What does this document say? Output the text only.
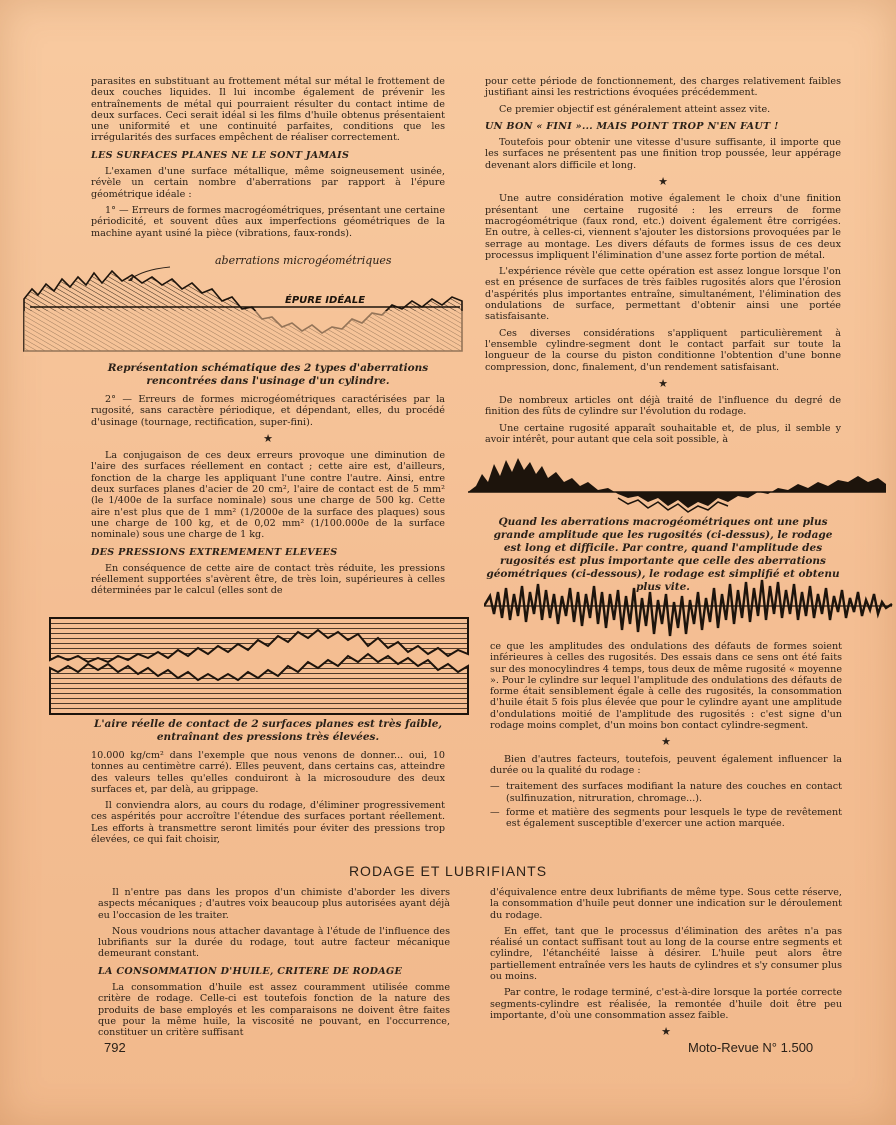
parasites en substituant au frottement métal sur métal le frottement de deux couches liquides. Il lui incombe également de prévenir les entraînements de métal qui pourraient résulter du contact intime de deux surfaces. Ceci serait idéal si les films d'huile obtenus présentaient une uniformité et une continuité parfaites, conditions que les irrégularités des surfaces empêchent de réaliser correctement.

LES SURFACES PLANES NE LE SONT JAMAIS

L'examen d'une surface métallique, même soigneusement usinée, révèle un certain nombre d'aberrations par rapport à l'épure géométrique idéale :

1° — Erreurs de formes macrogéométriques, présentant une certaine périodicité, et souvent dûes aux imperfections géométriques de la machine ayant usiné la pièce (vibrations, faux-ronds).

aberrations microgéométriques
ÉPURE IDÉALE
Représentation schématique des 2 types d'aberrations rencontrées dans l'usinage d'un cylindre.

2° — Erreurs de formes microgéométriques caractérisées par la rugosité, sans caractère périodique, et dépendant, elles, du procédé d'usinage (tournage, rectification, super-fini).

★

La conjugaison de ces deux erreurs provoque une diminution de l'aire des surfaces réellement en contact ; cette aire est, d'ailleurs, fonction de la charge les appliquant l'une contre l'autre. Ainsi, entre deux surfaces planes d'acier de 20 cm², l'aire de contact est de 5 mm² (le 1/400e de la surface nominale) sous une charge de 500 kg. Cette aire n'est plus que de 1 mm² (1/2000e de la surface des plaques) sous une charge de 100 kg, et de 0,02 mm² (1/100.000e de la surface nominale) sous une charge de 1 kg.

DES PRESSIONS EXTREMEMENT ELEVEES

En conséquence de cette aire de contact très réduite, les pressions réellement supportées s'avèrent être, de très loin, supérieures à celles déterminées par le calcul (elles sont de

L'aire réelle de contact de 2 surfaces planes est très faible, entraînant des pressions très élevées.

10.000 kg/cm² dans l'exemple que nous venons de donner... oui, 10 tonnes au centimètre carré). Elles peuvent, dans certains cas, atteindre des valeurs telles qu'elles conduiront à la microsoudure des deux surfaces et, par delà, au grippage.

Il conviendra alors, au cours du rodage, d'éliminer progressivement ces aspérités pour accroître l'étendue des surfaces portant réellement. Les efforts à transmettre seront limités pour éviter des pressions trop élevées, ce qui fait choisir,

pour cette période de fonctionnement, des charges relativement faibles justifiant ainsi les restrictions évoquées précédemment.

Ce premier objectif est généralement atteint assez vite.

UN BON « FINI »... MAIS POINT TROP N'EN FAUT !

Toutefois pour obtenir une vitesse d'usure suffisante, il importe que les surfaces ne présentent pas une finition trop poussée, leur appérage devenant alors difficile et long.

★

Une autre considération motive également le choix d'une finition présentant une certaine rugosité : les erreurs de forme macrogéométrique (faux rond, etc.) doivent également être corrigées. En outre, à celles-ci, viennent s'ajouter les distorsions provoquées par le serrage au montage. Les divers défauts de formes issus de ces deux processus impliquent l'élimination d'une assez forte portion de métal.

L'expérience révèle que cette opération est assez longue lorsque l'on est en présence de surfaces de très faibles rugosités alors que l'érosion d'aspérités plus importantes entraîne, simultanément, l'élimination des ondulations de surface, permettant d'obtenir ainsi une portée satisfaisante.

Ces diverses considérations s'appliquent particulièrement à l'ensemble cylindre-segment dont le contact parfait sur toute la longueur de la course du piston conditionne l'obtention d'une bonne compression, donc, finalement, d'un rendement satisfaisant.

★

De nombreux articles ont déjà traité de l'influence du degré de finition des fûts de cylindre sur l'évolution du rodage.

Une certaine rugosité apparaît souhaitable et, de plus, il semble y avoir intérêt, pour autant que cela soit possible, à

Quand les aberrations macrogéométriques ont une plus grande amplitude que les rugosités (ci-dessus), le rodage est long et difficile. Par contre, quand l'amplitude des rugosités est plus importante que celle des aberrations géométriques (ci-dessous), le rodage est simplifié et obtenu plus vite.

ce que les amplitudes des ondulations des défauts de formes soient inférieures à celles des rugosités. Des essais dans ce sens ont été faits sur des monocylindres 4 temps, tous deux de même rugosité « moyenne ». Pour le cylindre sur lequel l'amplitude des ondulations des défauts de forme était sensiblement égale à celle des rugosités, la consommation d'huile était 5 fois plus élevée que pour le cylindre ayant une amplitude d'ondulations moitié de l'amplitude des rugosités : c'est signe d'un rodage moins complet, d'un moins bon contact cylindre-segment.

★

Bien d'autres facteurs, toutefois, peuvent également influencer la durée ou la qualité du rodage :

— traitement des surfaces modifiant la nature des couches en contact (sulfinuzation, nitruration, chromage...).
— forme et matière des segments pour lesquels le type de revêtement est également susceptible d'exercer une action marquée.
RODAGE ET LUBRIFIANTS

Il n'entre pas dans les propos d'un chimiste d'aborder les divers aspects mécaniques ; d'autres voix beaucoup plus autorisées ayant déjà eu l'occasion de les traiter.

Nous voudrions nous attacher davantage à l'étude de l'influence des lubrifiants sur la durée du rodage, tout autre facteur mécanique demeurant constant.

LA CONSOMMATION D'HUILE, CRITERE DE RODAGE

La consommation d'huile est assez couramment utilisée comme critère de rodage. Celle-ci est toutefois fonction de la nature des produits de base employés et les comparaisons ne doivent être faites que pour la même huile, la viscosité ne pouvant, en l'occurrence, constituer un critère suffisant

d'équivalence entre deux lubrifiants de même type. Sous cette réserve, la consommation d'huile peut donner une indication sur le déroulement du rodage.

En effet, tant que le processus d'élimination des arêtes n'a pas réalisé un contact suffisant tout au long de la course entre segments et cylindre, l'étanchéité laisse à désirer. L'huile peut alors être partiellement entraînée vers les hauts de cylindres et s'y consumer plus ou moins.

Par contre, le rodage terminé, c'est-à-dire lorsque la portée correcte segments-cylindre est réalisée, la remontée d'huile doit être peu importante, d'où une consommation assez faible.

★
792	Moto-Revue N° 1.500
